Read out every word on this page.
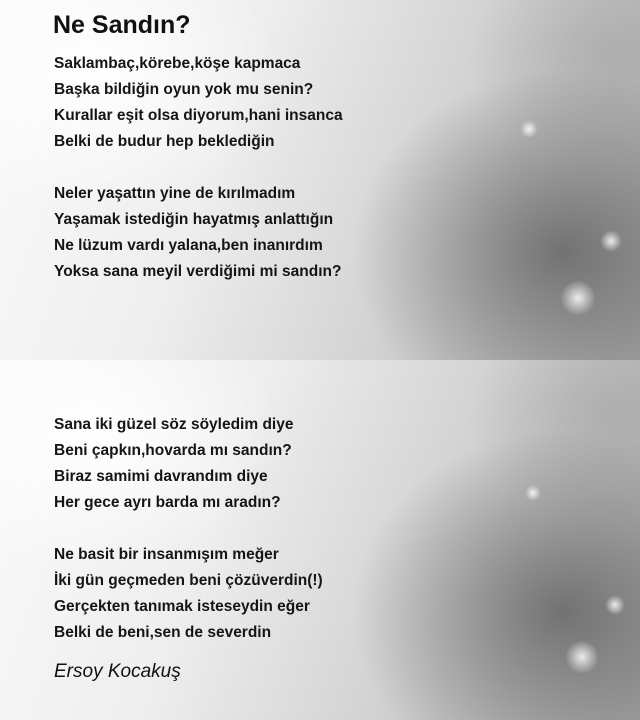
Ne Sandın?
Saklambaç,körebe,köşe kapmaca
Başka bildiğin oyun yok mu senin?
Kurallar eşit olsa diyorum,hani insanca
Belki de budur hep beklediğin
Neler yaşattın yine de kırılmadım
Yaşamak istediğin hayatmış anlattığın
Ne lüzum vardı yalana,ben inanırdım
Yoksa sana meyil verdiğimi mi sandın?
Sana iki güzel söz söyledim diye
Beni çapkın,hovarda mı sandın?
Biraz samimi davrandım diye
Her gece ayrı barda mı aradın?
Ne basit bir insanmışım meğer
İki gün geçmeden beni çözüverdin(!)
Gerçekten tanımak isteseydin eğer
Belki de beni,sen de severdin
Ersoy Kocakuş
